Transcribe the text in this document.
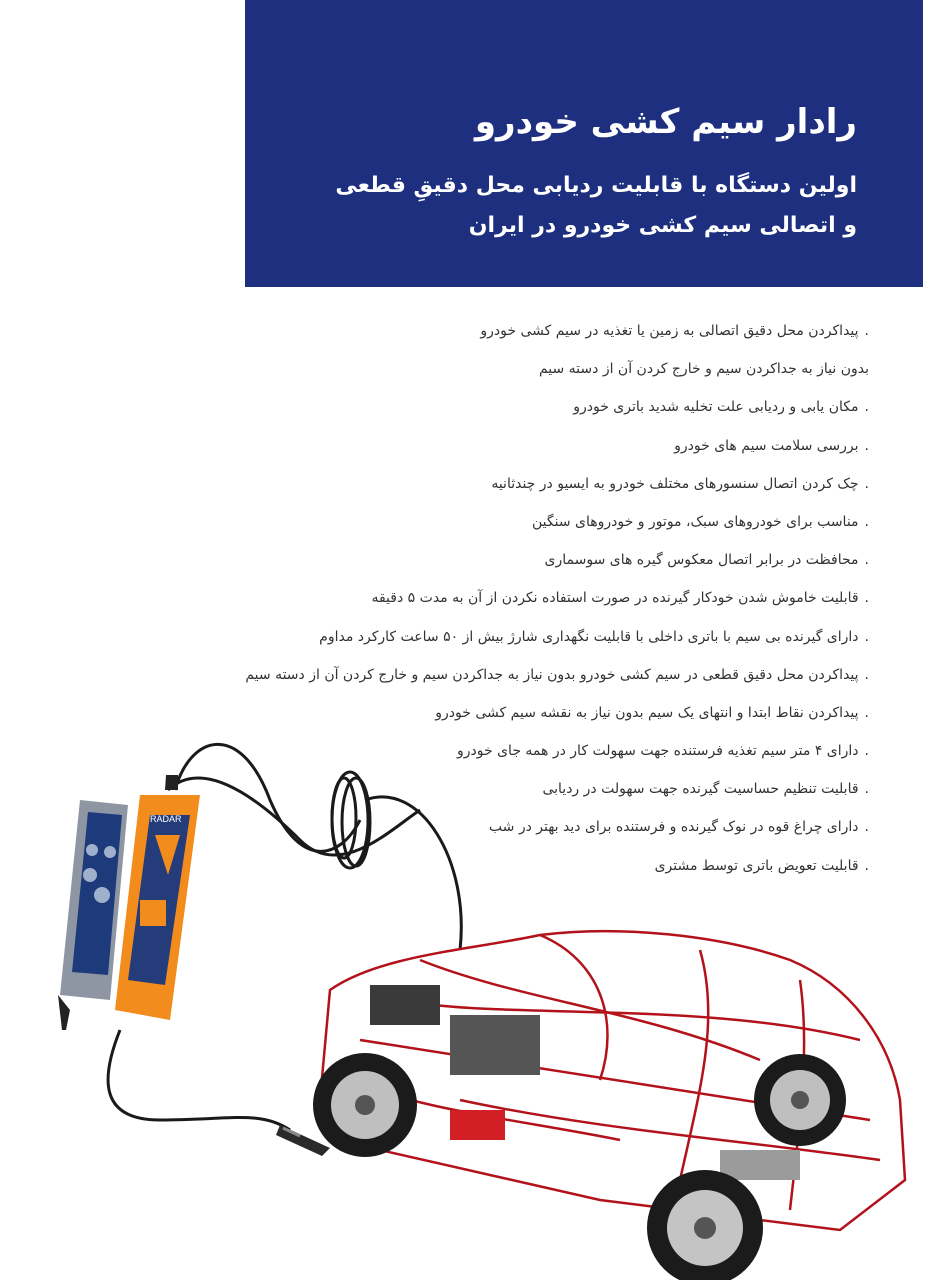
رادار سیم کشی خودرو
اولین دستگاه با قابلیت ردیابی محل دقیقِ قطعی
و اتصالی سیم کشی خودرو در ایران
.پیداکردن محل دقیق اتصالی به زمین یا تغذیه در سیم کشی خودرو
بدون نیاز به جداکردن سیم و خارج کردن آن از دسته سیم
.مکان یابی و ردیابی علت تخلیه شدید باتری خودرو
.بررسی سلامت سیم های خودرو
.چک کردن اتصال سنسورهای مختلف خودرو به ایسیو در چندثانیه
.مناسب برای خودروهای سبک، موتور و خودروهای سنگین
.محافظت در برابر اتصال معکوس گیره های سوسماری
.قابلیت خاموش شدن خودکار گیرنده در صورت استفاده نکردن از آن به مدت ۵ دقیقه
.دارای گیرنده بی سیم با باتری داخلی با قابلیت نگهداری شارژ بیش از ۵۰ ساعت کارکرد مداوم
.پیداکردن محل دقیق قطعی در سیم کشی خودرو بدون نیاز به جداکردن سیم و خارج کردن آن از دسته سیم
.پیداکردن نقاط ابتدا و انتهای یک سیم بدون نیاز به نقشه سیم کشی خودرو
.دارای ۴ متر سیم تغذیه فرستنده جهت سهولت کار در همه جای خودرو
.قابلیت تنظیم حساسیت گیرنده جهت سهولت در ردیابی
.دارای چراغ قوه در نوک گیرنده و فرستنده برای دید بهتر در شب
.قابلیت تعویض باتری توسط مشتری
RADAR
